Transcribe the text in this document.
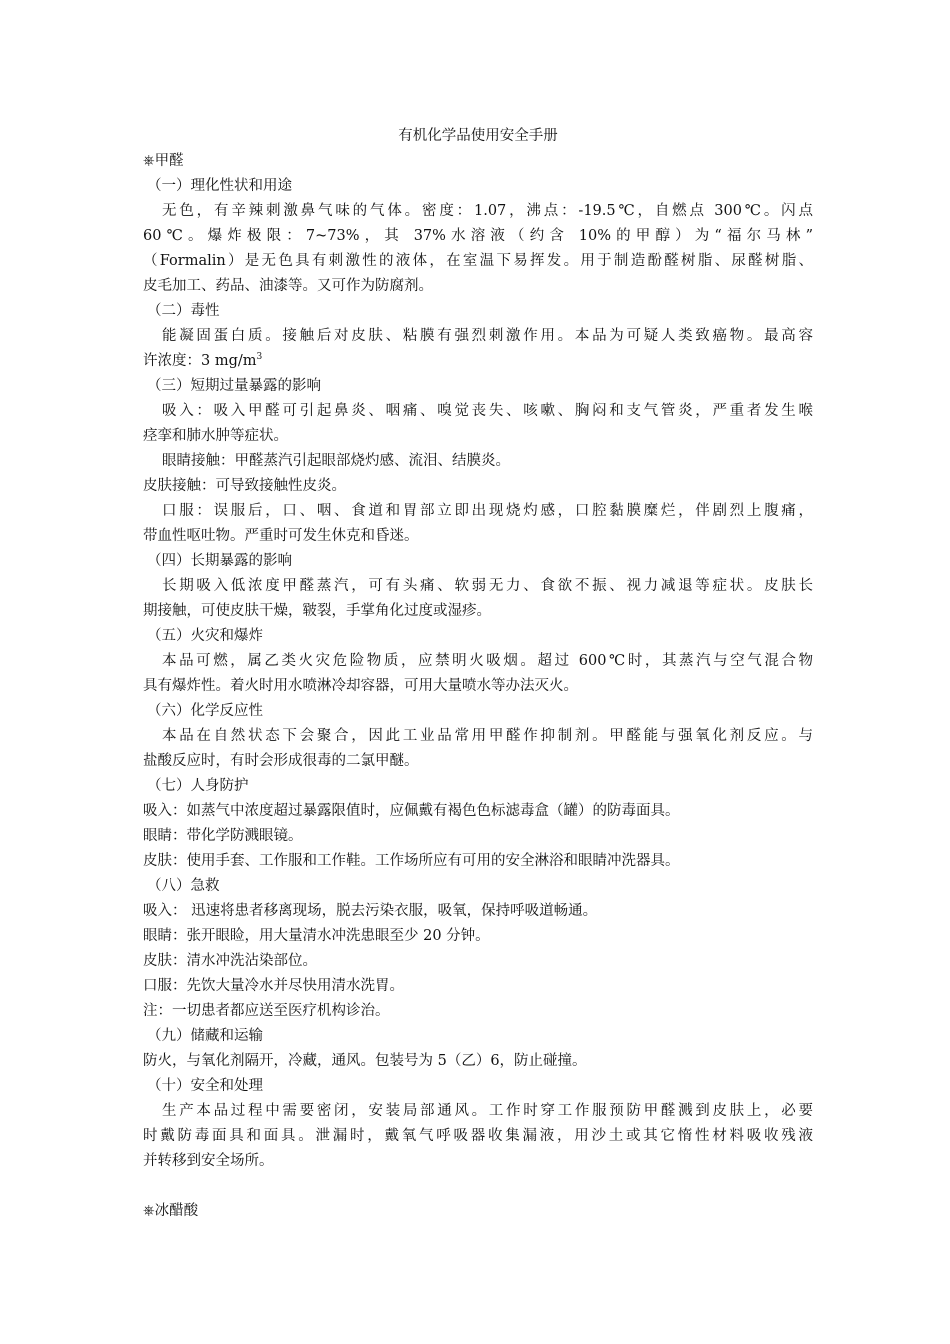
有机化学品使用安全手册
⎈甲醛
（一）理化性状和用途
无色，有辛辣刺激鼻气味的气体。密度：1.07，沸点：-19.5℃，自燃点 300℃。闪点
60℃。爆炸极限：7~73%，其 37%水溶液（约含 10%的甲醇）为“福尔马林”
（Formalin）是无色具有刺激性的液体，在室温下易挥发。用于制造酚醛树脂、尿醛树脂、
皮毛加工、药品、油漆等。又可作为防腐剂。
（二）毒性
能凝固蛋白质。接触后对皮肤、粘膜有强烈刺激作用。本品为可疑人类致癌物。最高容
许浓度：3 $mg/m^3$
（三）短期过量暴露的影响
吸入：吸入甲醛可引起鼻炎、咽痛、嗅觉丧失、咳嗽、胸闷和支气管炎，严重者发生喉
痉挛和肺水肿等症状。
眼睛接触：甲醛蒸汽引起眼部烧灼感、流泪、结膜炎。
皮肤接触：可导致接触性皮炎。
口服：误服后，口、咽、食道和胃部立即出现烧灼感，口腔黏膜糜烂，伴剧烈上腹痛，
带血性呕吐物。严重时可发生休克和昏迷。
（四）长期暴露的影响
长期吸入低浓度甲醛蒸汽，可有头痛、软弱无力、食欲不振、视力减退等症状。皮肤长
期接触，可使皮肤干燥，皲裂，手掌角化过度或湿疹。
（五）火灾和爆炸
本品可燃，属乙类火灾危险物质，应禁明火吸烟。超过 600℃时，其蒸汽与空气混合物
具有爆炸性。着火时用水喷淋冷却容器，可用大量喷水等办法灭火。
（六）化学反应性
本品在自然状态下会聚合，因此工业品常用甲醛作抑制剂。甲醛能与强氧化剂反应。与
盐酸反应时，有时会形成很毒的二氯甲醚。
（七）人身防护
吸入：如蒸气中浓度超过暴露限值时，应佩戴有褐色色标滤毒盒（罐）的防毒面具。
眼睛：带化学防溅眼镜。
皮肤：使用手套、工作服和工作鞋。工作场所应有可用的安全淋浴和眼睛冲洗器具。
（八）急救
吸入： 迅速将患者移离现场，脱去污染衣服，吸氧，保持呼吸道畅通。
眼睛：张开眼睑，用大量清水冲洗患眼至少 20 分钟。
皮肤：清水冲洗沾染部位。
口服：先饮大量冷水并尽快用清水洗胃。
注：一切患者都应送至医疗机构诊治。
（九）储藏和运输
防火，与氧化剂隔开，冷藏，通风。包装号为 5（乙）6，防止碰撞。
（十）安全和处理
生产本品过程中需要密闭，安装局部通风。工作时穿工作服预防甲醛溅到皮肤上，必要
时戴防毒面具和面具。泄漏时，戴氧气呼吸器收集漏液，用沙土或其它惰性材料吸收残液
并转移到安全场所。
⎈冰醋酸
